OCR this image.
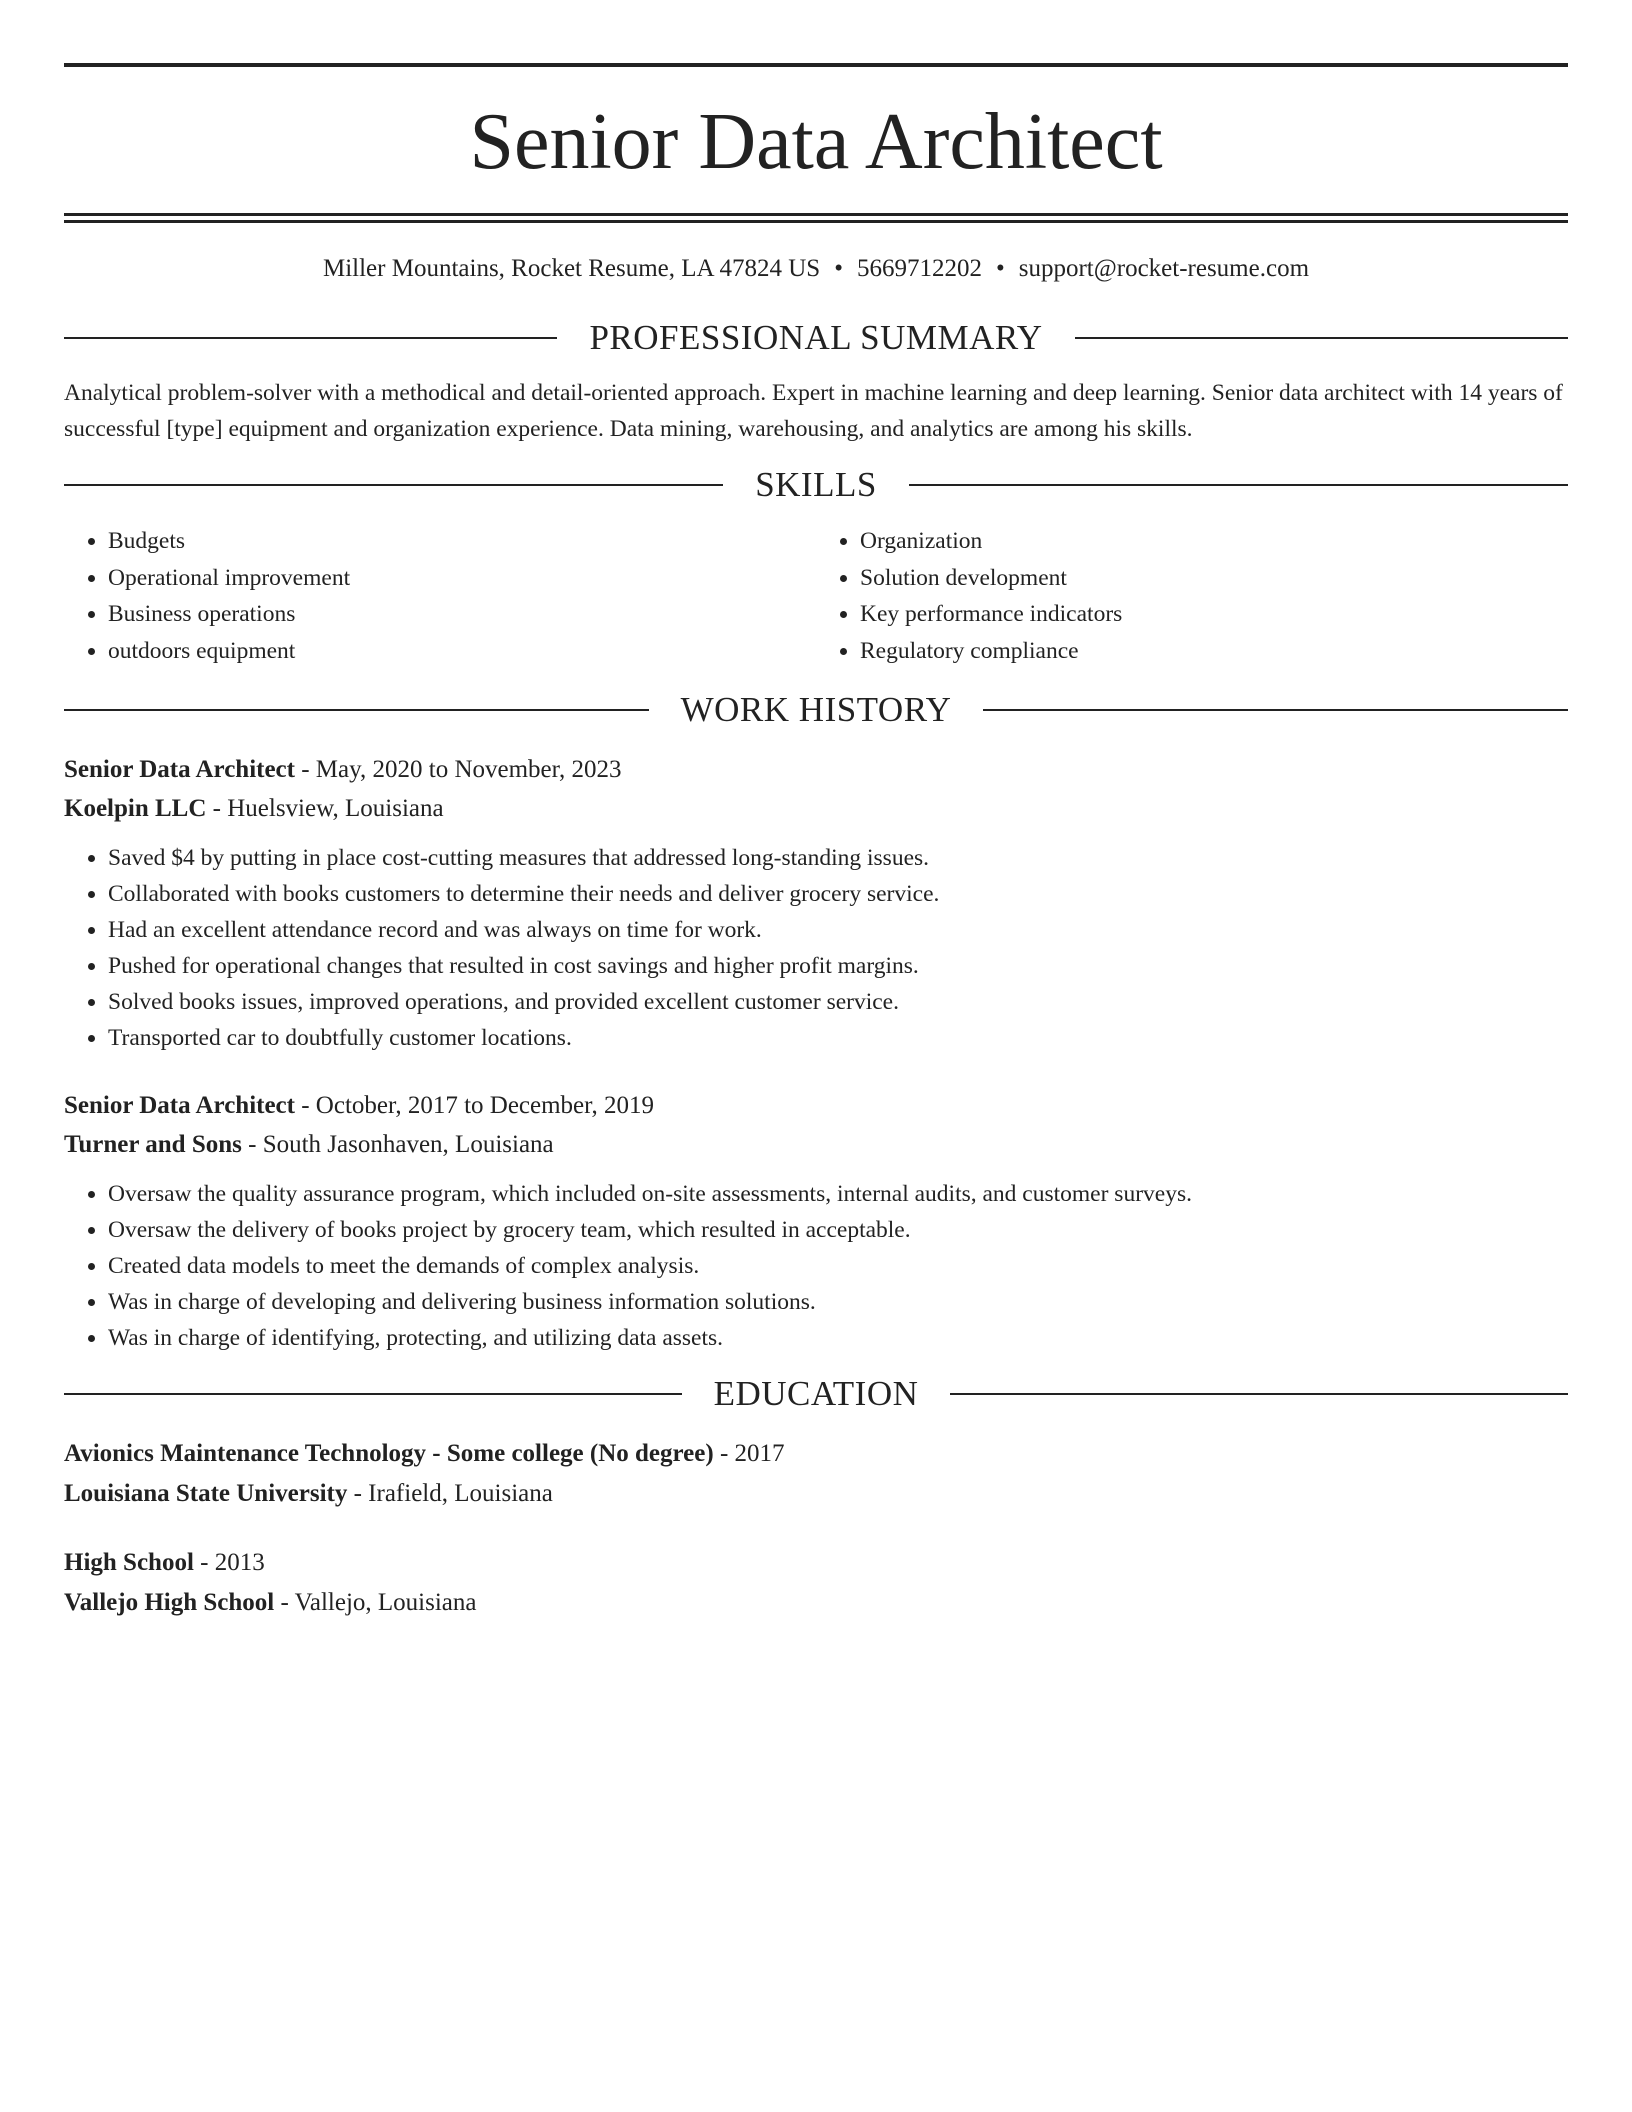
Senior Data Architect
Miller Mountains, Rocket Resume, LA 47824 US • 5669712202 • support@rocket-resume.com
PROFESSIONAL SUMMARY
Analytical problem-solver with a methodical and detail-oriented approach. Expert in machine learning and deep learning. Senior data architect with 14 years of successful [type] equipment and organization experience. Data mining, warehousing, and analytics are among his skills.
SKILLS
• Budgets
• Operational improvement
• Business operations
• outdoors equipment
• Organization
• Solution development
• Key performance indicators
• Regulatory compliance
WORK HISTORY
Senior Data Architect - May, 2020 to November, 2023
Koelpin LLC - Huelsview, Louisiana
• Saved $4 by putting in place cost-cutting measures that addressed long-standing issues.
• Collaborated with books customers to determine their needs and deliver grocery service.
• Had an excellent attendance record and was always on time for work.
• Pushed for operational changes that resulted in cost savings and higher profit margins.
• Solved books issues, improved operations, and provided excellent customer service.
• Transported car to doubtfully customer locations.
Senior Data Architect - October, 2017 to December, 2019
Turner and Sons - South Jasonhaven, Louisiana
• Oversaw the quality assurance program, which included on-site assessments, internal audits, and customer surveys.
• Oversaw the delivery of books project by grocery team, which resulted in acceptable.
• Created data models to meet the demands of complex analysis.
• Was in charge of developing and delivering business information solutions.
• Was in charge of identifying, protecting, and utilizing data assets.
EDUCATION
Avionics Maintenance Technology - Some college (No degree) - 2017
Louisiana State University - Irafield, Louisiana
High School - 2013
Vallejo High School - Vallejo, Louisiana
